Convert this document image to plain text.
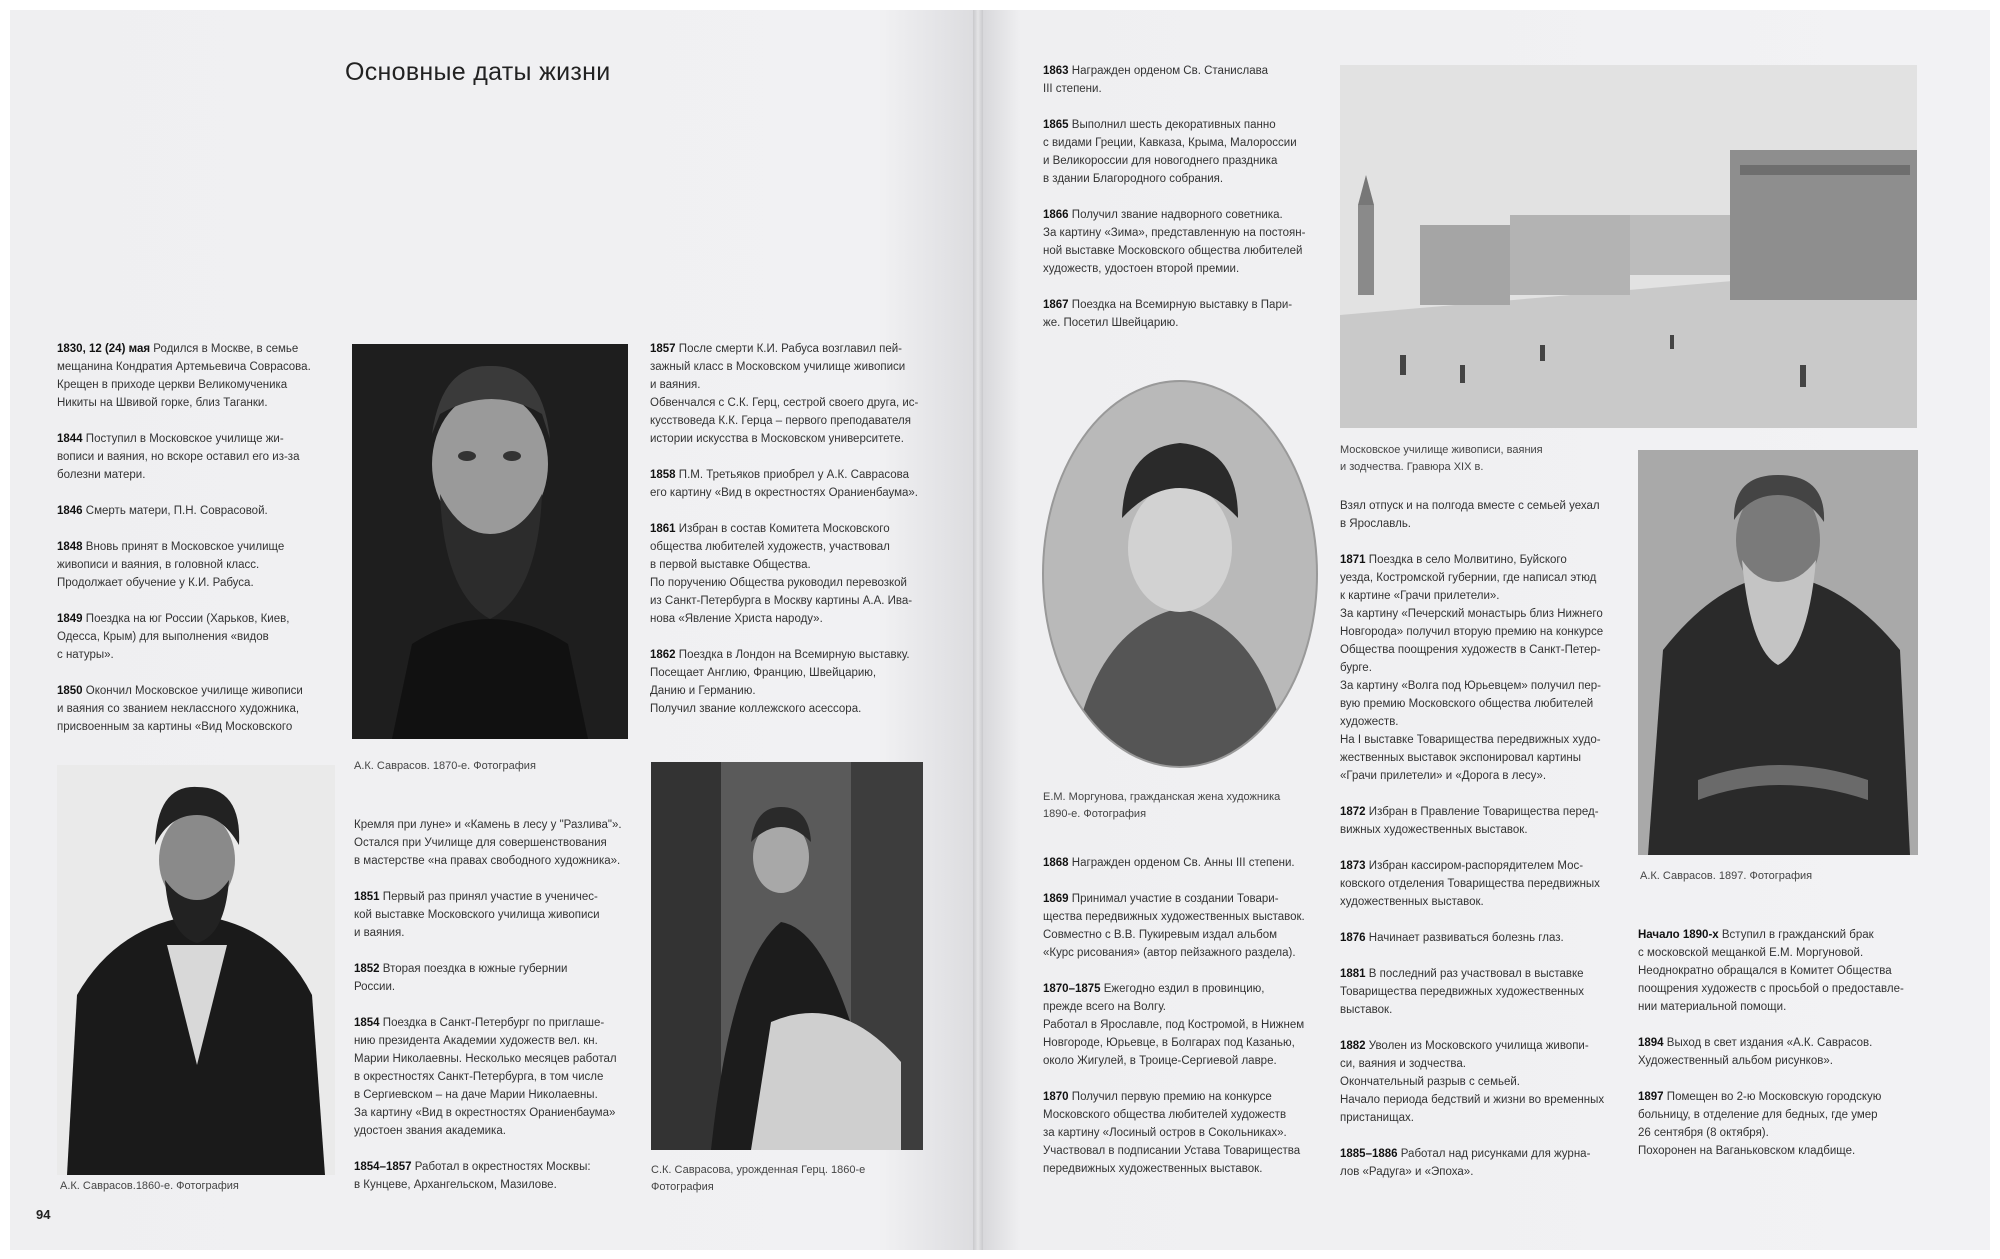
Основные даты жизни
1830, 12 (24) мая Родился в Москве, в семье
мещанина Кондратия Артемьевича Совраcова.
Крещен в приходе церкви Великомученика
Никиты на Швивой горке, близ Таганки.
1844 Поступил в Московское училище жи-
вописи и ваяния, но вскоре оставил его из-за
болезни матери.
1846 Смерть матери, П.Н. Совраcовой.
1848 Вновь принят в Московское училище
живописи и ваяния, в головной класс.
Продолжает обучение у К.И. Рабуса.
1849 Поездка на юг России (Харьков, Киев,
Одесса, Крым) для выполнения «видов
с натуры».
1850 Окончил Московское училище живописи
и ваяния со званием неклассного художника,
присвоенным за картины «Вид Московского
Кремля при луне» и «Камень в лесу у "Разлива"».
Остался при Училище для совершенствования
в мастерстве «на правах свободного художника».
1851 Первый раз принял участие в ученичес-
кой выставке Московского училища живописи
и ваяния.
1852 Вторая поездка в южные губернии
России.
1854 Поездка в Санкт-Петербург по приглаше-
нию президента Академии художеств вел. кн.
Марии Николаевны. Несколько месяцев работал
в окрестностях Санкт-Петербурга, в том числе
в Сергиевском – на даче Марии Николаевны.
За картину «Вид в окрестностях Ораниенбаума»
удостоен звания академика.
1854–1857 Работал в окрестностях Москвы:
в Кунцеве, Архангельском, Мазилове.
1857 После смерти К.И. Рабуса возглавил пей-
зажный класс в Московском училище живописи
и ваяния.
Обвенчался с С.К. Герц, сестрой своего друга, ис-
кусствоведа К.К. Герца – первого преподавателя
истории искусства в Московском университете.
1858 П.М. Третьяков приобрел у А.К. Саврасова
его картину «Вид в окрестностях Ораниенбаума».
1861 Избран в состав Комитета Московского
общества любителей художеств, участвовал
в первой выставке Общества.
По поручению Общества руководил перевозкой
из Санкт-Петербурга в Москву картины А.А. Ива-
нова «Явление Христа народу».
1862 Поездка в Лондон на Всемирную выставку.
Посещает Англию, Францию, Швейцарию,
Данию и Германию.
Получил звание коллежского асессора.
1863 Награжден орденом Св. Станислава
III степени.
1865 Выполнил шесть декоративных панно
с видами Греции, Кавказа, Крыма, Малороссии
и Великороссии для новогоднего праздника
в здании Благородного собрания.
1866 Получил звание надворного советника.
За картину «Зима», представленную на постоян-
ной выставке Московского общества любителей
художеств, удостоен второй премии.
1867 Поездка на Всемирную выставку в Пари-
же. Посетил Швейцарию.
1868 Награжден орденом Св. Анны III степени.
1869 Принимал участие в создании Товари-
щества передвижных художественных выставок.
Совместно с В.В. Пукиревым издал альбом
«Курс рисования» (автор пейзажного раздела).
1870–1875 Ежегодно ездил в провинцию,
прежде всего на Волгу.
Работал в Ярославле, под Костромой, в Нижнем
Новгороде, Юрьевце, в Болгарах под Казанью,
около Жигулей, в Троице-Сергиевой лавре.
1870 Получил первую премию на конкурсе
Московского общества любителей художеств
за картину «Лосиный остров в Сокольниках».
Участвовал в подписании Устава Товарищества
передвижных художественных выставок.
Взял отпуск и на полгода вместе с семьей уехал
в Ярославль.
1871 Поездка в село Молвитино, Буйского
уезда, Костромской губернии, где написал этюд
к картине «Грачи прилетели».
За картину «Печерский монастырь близ Нижнего
Новгорода» получил вторую премию на конкурсе
Общества поощрения художеств в Санкт-Петер-
бурге.
За картину «Волга под Юрьевцем» получил пер-
вую премию Московского общества любителей
художеств.
На I выставке Товарищества передвижных худо-
жественных выставок экспонировал картины
«Грачи прилетели» и «Дорога в лесу».
1872 Избран в Правление Товарищества перед-
вижных художественных выставок.
1873 Избран кассиром-распорядителем Мос-
ковского отделения Товарищества передвижных
художественных выставок.
1876 Начинает развиваться болезнь глаз.
1881 В последний раз участвовал в выставке
Товарищества передвижных художественных
выставок.
1882 Уволен из Московского училища живопи-
си, ваяния и зодчества.
Окончательный разрыв с семьей.
Начало периода бедствий и жизни во временных
пристанищах.
1885–1886 Работал над рисунками для журна-
лов «Радуга» и «Эпоха».
Начало 1890-х Вступил в гражданский брак
с московской мещанкой Е.М. Моргуновой.
Неоднократно обращался в Комитет Общества
поощрения художеств с просьбой о предоставле-
нии материальной помощи.
1894 Выход в свет издания «А.К. Саврасов.
Художественный альбом рисунков».
1897 Помещен во 2-ю Московскую городскую
больницу, в отделение для бедных, где умер
26 сентября (8 октября).
Похоронен на Ваганьковском кладбище.
А.К. Саврасов. 1870-е. Фотография
А.К. Саврасов.1860-е. Фотография
С.К. Саврасова, урожденная Герц. 1860-е
Фотография
Е.М. Моргунова, гражданская жена художника
1890-е. Фотография
Московское училище живописи, ваяния
и зодчества. Гравюра XIX в.
А.К. Саврасов. 1897. Фотография
94
